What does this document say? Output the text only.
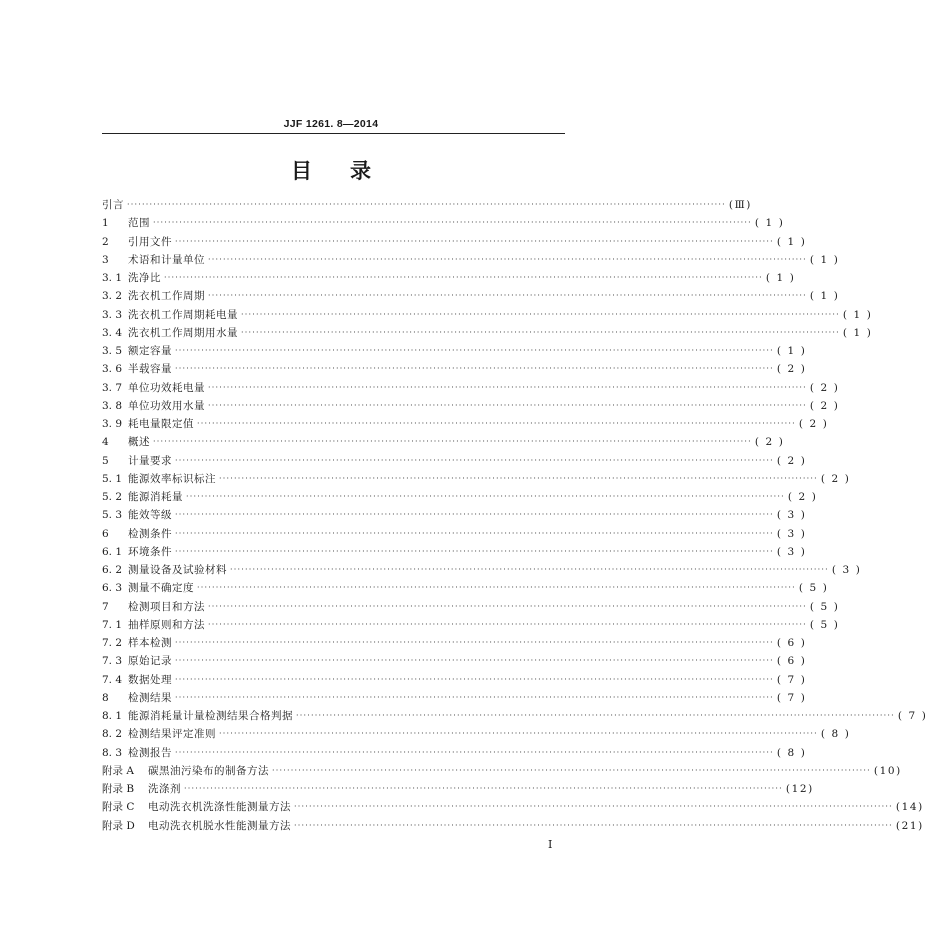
JJF 1261. 8—2014
目 录
引言 ································································································································································ (Ⅲ)
1	范围 ································································································································································ ( 1 )
2	引用文件 ································································································································································ ( 1 )
3	术语和计量单位 ································································································································································ ( 1 )
3. 1 洗净比 ································································································································································ ( 1 )
3. 2 洗衣机工作周期 ································································································································································ ( 1 )
3. 3 洗衣机工作周期耗电量 ································································································································································ ( 1 )
3. 4 洗衣机工作周期用水量 ································································································································································ ( 1 )
3. 5 额定容量 ································································································································································ ( 1 )
3. 6 半载容量 ································································································································································ ( 2 )
3. 7 单位功效耗电量 ································································································································································ ( 2 )
3. 8 单位功效用水量 ································································································································································ ( 2 )
3. 9 耗电量限定值 ································································································································································ ( 2 )
4	概述 ································································································································································ ( 2 )
5	计量要求 ································································································································································ ( 2 )
5. 1 能源效率标识标注 ································································································································································ ( 2 )
5. 2 能源消耗量 ································································································································································ ( 2 )
5. 3 能效等级 ································································································································································ ( 3 )
6	检测条件 ································································································································································ ( 3 )
6. 1 环境条件 ································································································································································ ( 3 )
6. 2 测量设备及试验材料 ································································································································································ ( 3 )
6. 3 测量不确定度 ································································································································································ ( 5 )
7	检测项目和方法 ································································································································································ ( 5 )
7. 1 抽样原则和方法 ································································································································································ ( 5 )
7. 2 样本检测 ································································································································································ ( 6 )
7. 3 原始记录 ································································································································································ ( 6 )
7. 4 数据处理 ································································································································································ ( 7 )
8	检测结果 ································································································································································ ( 7 )
8. 1 能源消耗量计量检测结果合格判据 ································································································································································ ( 7 )
8. 2 检测结果评定准则 ································································································································································ ( 8 )
8. 3 检测报告 ································································································································································ ( 8 )
附录 A	碳黑油污染布的制备方法 ································································································································································ (10)
附录 B	洗涤剂 ································································································································································ (12)
附录 C	电动洗衣机洗涤性能测量方法 ································································································································································ (14)
附录 D	电动洗衣机脱水性能测量方法 ································································································································································ (21)
I
